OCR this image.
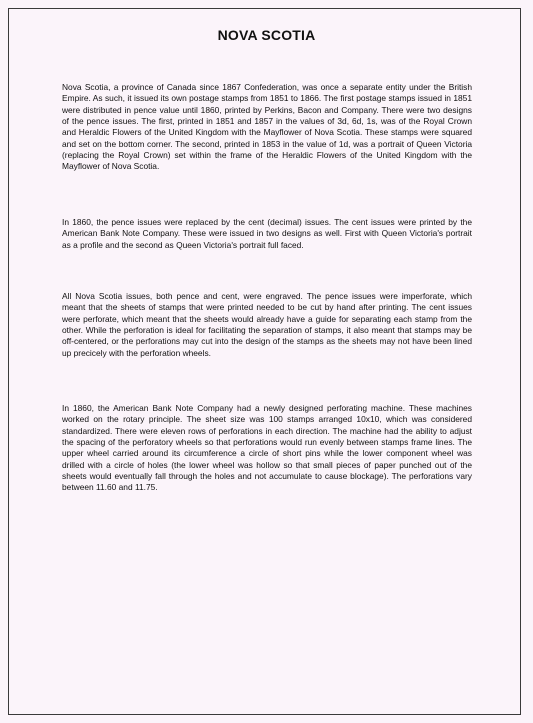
NOVA SCOTIA

Nova Scotia, a province of Canada since 1867 Confederation, was once a separate entity under the British Empire. As such, it issued its own postage stamps from 1851 to 1866. The first postage stamps issued in 1851 were distributed in pence value until 1860, printed by Perkins, Bacon and Company. There were two designs of the pence issues. The first, printed in 1851 and 1857 in the values of 3d, 6d, 1s, was of the Royal Crown and Heraldic Flowers of the United Kingdom with the Mayflower of Nova Scotia. These stamps were squared and set on the bottom corner. The second, printed in 1853 in the value of 1d, was a portrait of Queen Victoria (replacing the Royal Crown) set within the frame of the Heraldic Flowers of the United Kingdom with the Mayflower of Nova Scotia.

In 1860, the pence issues were replaced by the cent (decimal) issues. The cent issues were printed by the American Bank Note Company. These were issued in two designs as well. First with Queen Victoria's portrait as a profile and the second as Queen Victoria's portrait full faced.

All Nova Scotia issues, both pence and cent, were engraved. The pence issues were imperforate, which meant that the sheets of stamps that were printed needed to be cut by hand after printing. The cent issues were perforate, which meant that the sheets would already have a guide for separating each stamp from the other. While the perforation is ideal for facilitating the separation of stamps, it also meant that stamps may be off-centered, or the perforations may cut into the design of the stamps as the sheets may not have been lined up precicely with the perforation wheels.

In 1860, the American Bank Note Company had a newly designed perforating machine. These machines worked on the rotary principle. The sheet size was 100 stamps arranged 10x10, which was considered standardized. There were eleven rows of perforations in each direction. The machine had the ability to adjust the spacing of the perforatory wheels so that perforations would run evenly between stamps frame lines. The upper wheel carried around its circumference a circle of short pins while the lower component wheel was drilled with a circle of holes (the lower wheel was hollow so that small pieces of paper punched out of the sheets would eventually fall through the holes and not accumulate to cause blockage). The perforations vary between 11.60 and 11.75.
